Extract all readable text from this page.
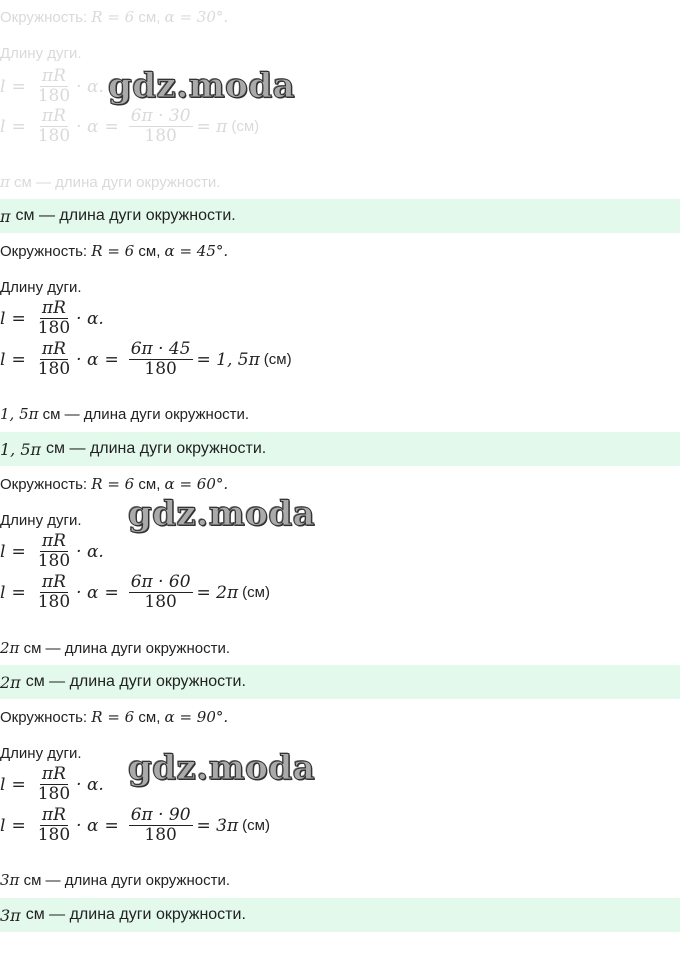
Окружность: R = 6 см, α = 30°.
Длину дуги.
$l = \frac{\pi R}{180} \cdot \alpha$.
$l = \frac{\pi R}{180} \cdot \alpha = \frac{6\pi \cdot 30}{180} = \pi$ (см)
π см — длина дуги окружности.
π см — длина дуги окружности.
Окружность: R = 6 см, α = 45°.
Длину дуги.
$l = \frac{\pi R}{180} \cdot \alpha$.
$l = \frac{\pi R}{180} \cdot \alpha = \frac{6\pi \cdot 45}{180} = 1$, 5π (см)
1, 5π см — длина дуги окружности.
1, 5π см — длина дуги окружности.
Окружность: R = 6 см, α = 60°.
Длину дуги.
$l = \frac{\pi R}{180} \cdot \alpha$.
$l = \frac{\pi R}{180} \cdot \alpha = \frac{6\pi \cdot 60}{180} = 2\pi$ (см)
2π см — длина дуги окружности.
2π см — длина дуги окружности.
Окружность: R = 6 см, α = 90°.
Длину дуги.
$l = \frac{\pi R}{180} \cdot \alpha$.
$l = \frac{\pi R}{180} \cdot \alpha = \frac{6\pi \cdot 90}{180} = 3\pi$ (см)
3π см — длина дуги окружности.
3π см — длина дуги окружности.
gdz.moda
gdz.moda
gdz.moda
